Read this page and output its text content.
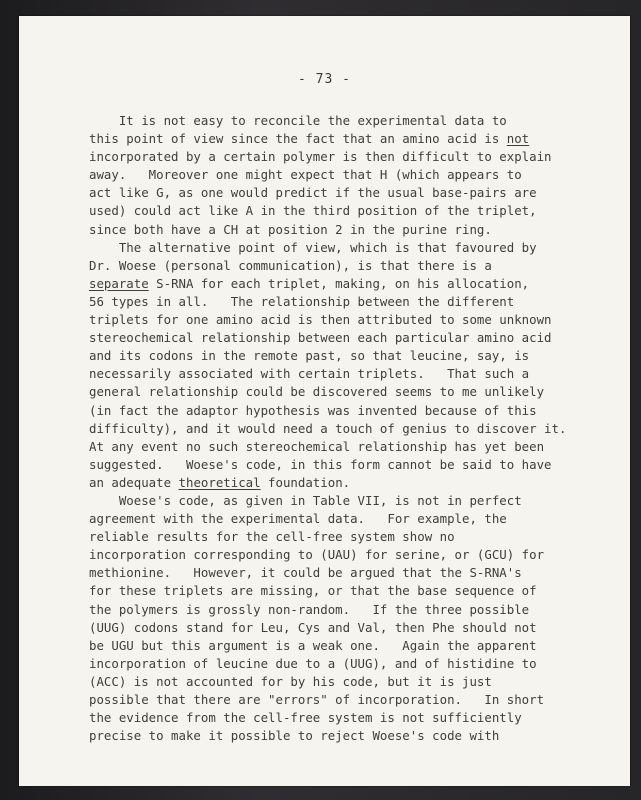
- 73 -
It is not easy to reconcile the experimental data to
this point of view since the fact that an amino acid is not
incorporated by a certain polymer is then difficult to explain
away.   Moreover one might expect that H (which appears to
act like G, as one would predict if the usual base-pairs are
used) could act like A in the third position of the triplet,
since both have a CH at position 2 in the purine ring.
The alternative point of view, which is that favoured by
Dr. Woese (personal communication), is that there is a
separate S-RNA for each triplet, making, on his allocation,
56 types in all.   The relationship between the different
triplets for one amino acid is then attributed to some unknown
stereochemical relationship between each particular amino acid
and its codons in the remote past, so that leucine, say, is
necessarily associated with certain triplets.   That such a
general relationship could be discovered seems to me unlikely
(in fact the adaptor hypothesis was invented because of this
difficulty), and it would need a touch of genius to discover it.
At any event no such stereochemical relationship has yet been
suggested.   Woese's code, in this form cannot be said to have
an adequate theoretical foundation.
Woese's code, as given in Table VII, is not in perfect
agreement with the experimental data.   For example, the
reliable results for the cell-free system show no
incorporation corresponding to (UAU) for serine, or (GCU) for
methionine.   However, it could be argued that the S-RNA's
for these triplets are missing, or that the base sequence of
the polymers is grossly non-random.   If the three possible
(UUG) codons stand for Leu, Cys and Val, then Phe should not
be UGU but this argument is a weak one.   Again the apparent
incorporation of leucine due to a (UUG), and of histidine to
(ACC) is not accounted for by his code, but it is just
possible that there are "errors" of incorporation.   In short
the evidence from the cell-free system is not sufficiently
precise to make it possible to reject Woese's code with
